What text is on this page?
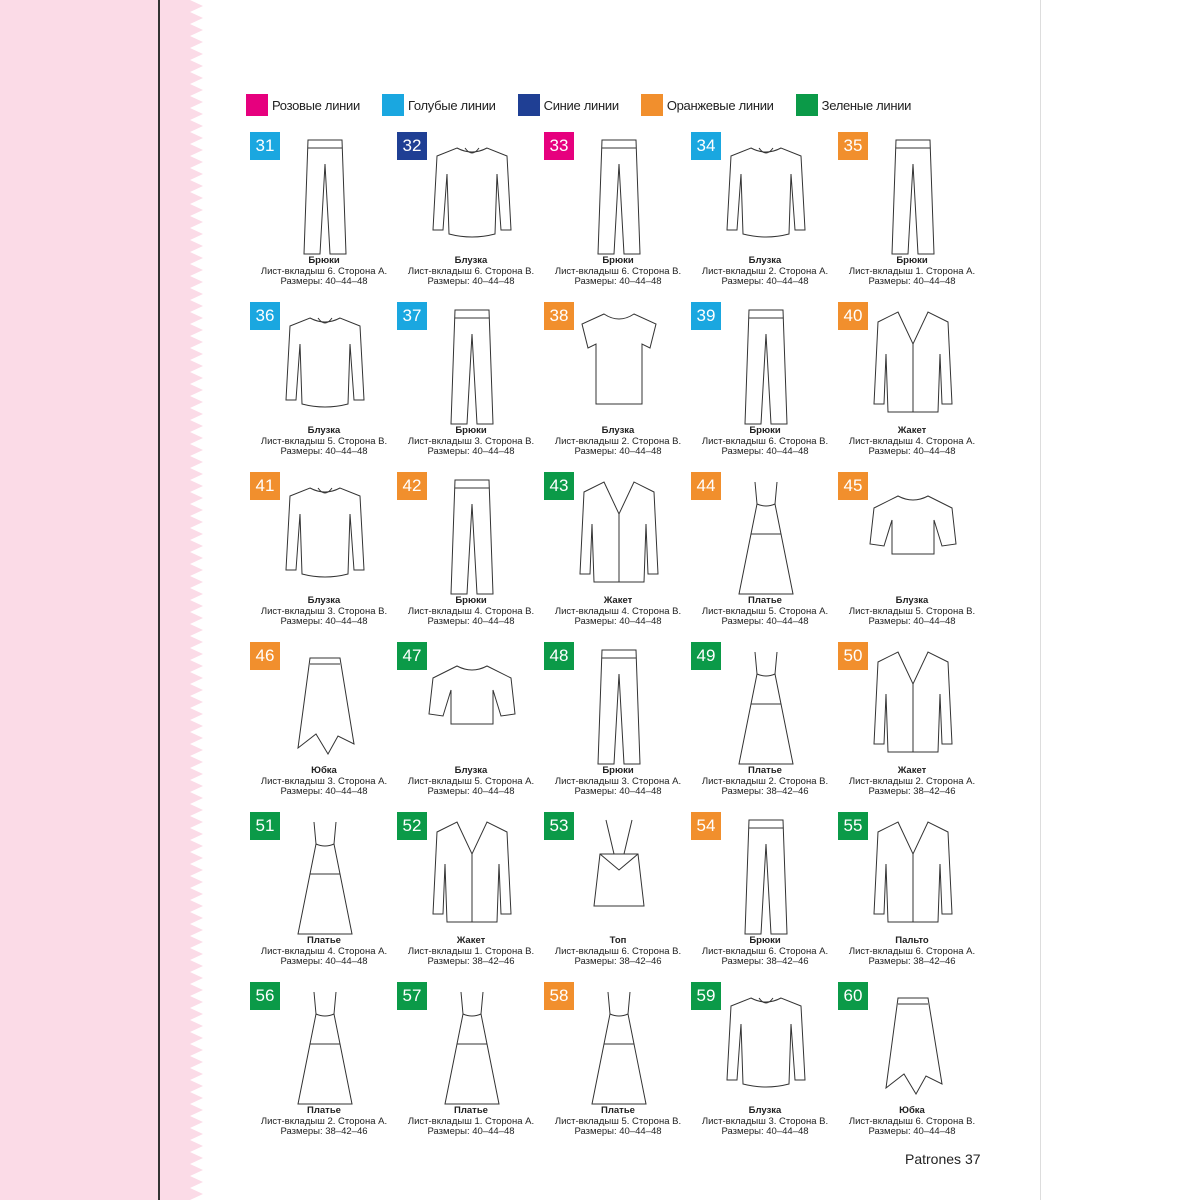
Розовые линии	Голубые линии	Синие линии	Оранжевые линии	Зеленые линии
31
Брюки
Лист-вкладыш 6. Сторона А.
Размеры: 40–44–48
32
Блузка
Лист-вкладыш 6. Сторона В.
Размеры: 40–44–48
33
Брюки
Лист-вкладыш 6. Сторона В.
Размеры: 40–44–48
34
Блузка
Лист-вкладыш 2. Сторона А.
Размеры: 40–44–48
35
Брюки
Лист-вкладыш 1. Сторона А.
Размеры: 40–44–48
36
Блузка
Лист-вкладыш 5. Сторона В.
Размеры: 40–44–48
37
Брюки
Лист-вкладыш 3. Сторона В.
Размеры: 40–44–48
38
Блузка
Лист-вкладыш 2. Сторона В.
Размеры: 40–44–48
39
Брюки
Лист-вкладыш 6. Сторона В.
Размеры: 40–44–48
40
Жакет
Лист-вкладыш 4. Сторона А.
Размеры: 40–44–48
41
Блузка
Лист-вкладыш 3. Сторона В.
Размеры: 40–44–48
42
Брюки
Лист-вкладыш 4. Сторона В.
Размеры: 40–44–48
43
Жакет
Лист-вкладыш 4. Сторона В.
Размеры: 40–44–48
44
Платье
Лист-вкладыш 5. Сторона А.
Размеры: 40–44–48
45
Блузка
Лист-вкладыш 5. Сторона В.
Размеры: 40–44–48
46
Юбка
Лист-вкладыш 3. Сторона А.
Размеры: 40–44–48
47
Блузка
Лист-вкладыш 5. Сторона А.
Размеры: 40–44–48
48
Брюки
Лист-вкладыш 3. Сторона А.
Размеры: 40–44–48
49
Платье
Лист-вкладыш 2. Сторона В.
Размеры: 38–42–46
50
Жакет
Лист-вкладыш 2. Сторона А.
Размеры: 38–42–46
51
Платье
Лист-вкладыш 4. Сторона А.
Размеры: 40–44–48
52
Жакет
Лист-вкладыш 1. Сторона В.
Размеры: 38–42–46
53
Топ
Лист-вкладыш 6. Сторона В.
Размеры: 38–42–46
54
Брюки
Лист-вкладыш 6. Сторона А.
Размеры: 38–42–46
55
Пальто
Лист-вкладыш 6. Сторона А.
Размеры: 38–42–46
56
Платье
Лист-вкладыш 2. Сторона А.
Размеры: 38–42–46
57
Платье
Лист-вкладыш 1. Сторона А.
Размеры: 40–44–48
58
Платье
Лист-вкладыш 5. Сторона В.
Размеры: 40–44–48
59
Блузка
Лист-вкладыш 3. Сторона В.
Размеры: 40–44–48
60
Юбка
Лист-вкладыш 6. Сторона В.
Размеры: 40–44–48
Patrones 37
